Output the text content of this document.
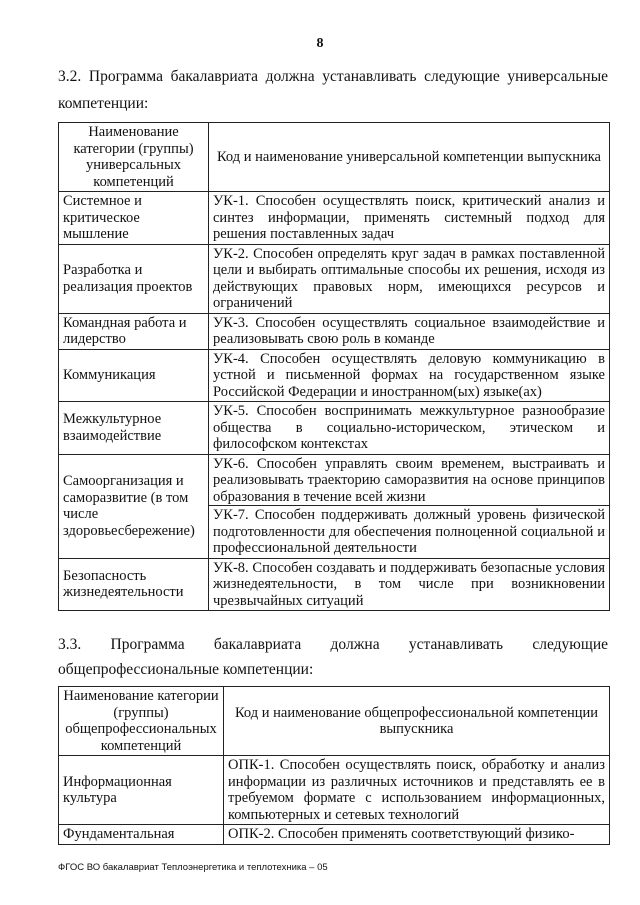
8

3.2. Программа бакалавриата должна устанавливать следующие универсальные

компетенции:

Наименование категории (группы) универсальных компетенций	Код и наименование универсальной компетенции выпускника
Системное и критическое мышление	УК-1. Способен осуществлять поиск, критический анализ и синтез информации, применять системный подход для решения поставленных задач

Разработка и реализация проектов	УК-2. Способен определять круг задач в рамках поставленной цели и выбирать оптимальные способы их решения, исходя из действующих правовых норм, имеющихся ресурсов и ограничений

Командная работа и лидерство	УК-3. Способен осуществлять социальное взаимодействие и реализовывать свою роль в команде

Коммуникация	УК-4. Способен осуществлять деловую коммуникацию в устной и письменной формах на государственном языке Российской Федерации и иностранном(ых) языке(ах)

Межкультурное взаимодействие	УК-5. Способен воспринимать межкультурное разнообразие общества в социально-историческом, этическом и философском контекстах

Самоорганизация и саморазвитие (в том числе здоровьесбережение)	УК-6. Способен управлять своим временем, выстраивать и реализовывать траекторию саморазвития на основе принципов образования в течение всей жизни

УК-7. Способен поддерживать должный уровень физической подготовленности для обеспечения полноценной социальной и профессиональной деятельности

Безопасность жизнедеятельности	УК-8. Способен создавать и поддерживать безопасные условия жизнедеятельности, в том числе при возникновении чрезвычайных ситуаций

3.3. Программа бакалавриата должна устанавливать следующие

общепрофессиональные компетенции:

Наименование категории (группы) общепрофессиональных компетенций	Код и наименование общепрофессиональной компетенции выпускника
Информационная культура	ОПК-1. Способен осуществлять поиск, обработку и анализ информации из различных источников и представлять ее в требуемом формате с использованием информационных, компьютерных и сетевых технологий

Фундаментальная	ОПК-2. Способен применять соответствующий физико-

ФГОС ВО бакалавриат Теплоэнергетика и теплотехника – 05
